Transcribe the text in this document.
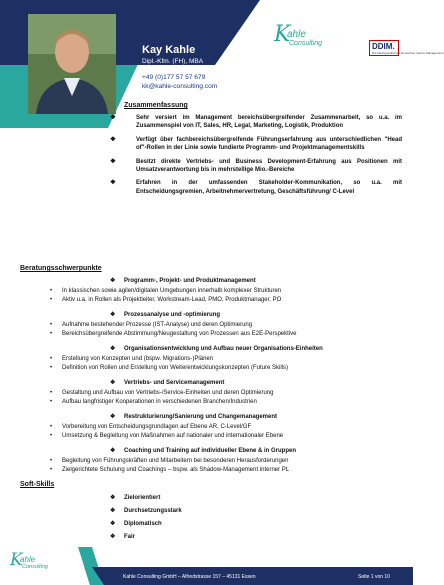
Kay Kahle
Dipl.-Kfm. (FH), MBA
+49 (0)177 57 57 679
kk@kahle-consulting.com
K
ahle
Consulting	DDIM.
Die Dachgesellschaft Deutsches Interim Management
Zusammenfassung
❖	Sehr versiert im Management bereichsübergreifender Zusammenarbeit, so u.a. im Zusammenspiel von IT, Sales, HR, Legal, Marketing, Logistik, Produktion
❖	Verfügt über fachbereichsübergreifende Führungserfahrung aus unterschiedlichen "Head of"-Rollen in der Linie sowie fundierte Programm- und Projektmanagementskills
❖	Besitzt direkte Vertriebs- und Business Development-Erfahrung aus Positionen mit Umsatzverantwortung bis in mehrstellige Mio.-Bereiche
❖	Erfahren in der umfassenden Stakeholder-Kommunikation, so u.a. mit Entscheidungsgremien, Arbeitnehmervertretung, Geschäftsführung/ C-Level
Beratungsschwerpunkte
❖ Programm-, Projekt- und Produktmanagement
• In klassischen sowie agilen/digitalen Umgebungen innerhalb komplexer Strukturen
• Aktiv u.a. in Rollen als Projektleiter, Workstream-Lead, PMO, Produktmanager, PO
❖ Prozessanalyse und -optimierung
• Aufnahme bestehender Prozesse (IST-Analyse) und deren Optimierung
• Bereichsübergreifende Abstimmung/Neugestaltung von Prozessen aus E2E-Perspektive
❖ Organisationsentwicklung und Aufbau neuer Organisations-Einheiten
• Erstellung von Konzepten und (bspw. Migrations-)Plänen
• Definition von Rollen und Erstellung von Weiterentwicklungskonzepten (Future Skills)
❖ Vertriebs- und Servicemanagement
• Gestaltung und Aufbau von Vertriebs-/Service-Einheiten und deren Optimierung
• Aufbau langfristiger Kooperationen in verschiedenen Branchen/Industrien
❖ Restrukturierung/Sanierung und Changemanagement
• Vorbereitung von Entscheidungsgrundlagen auf Ebene AR, C-Level/GF
• Umsetzung & Begleitung von Maßnahmen auf nationaler und internationaler Ebene
❖ Coaching und Training auf individueller Ebene & in Gruppen
• Begleitung von Führungskräften und Mitarbeitern bei besonderen Herausforderungen
• Zielgerichtete Schulung und Coachings – bspw. als Shadow-Management interner PL
Soft-Skills
❖ Zielorientiert
❖ Durchsetzungsstark
❖ Diplomatisch
❖ Fair
K
ahle
Consulting
Kahle Consulting GmbH – Alfredstrasse 157 – 45131 Essen	Seite 1 von 10
